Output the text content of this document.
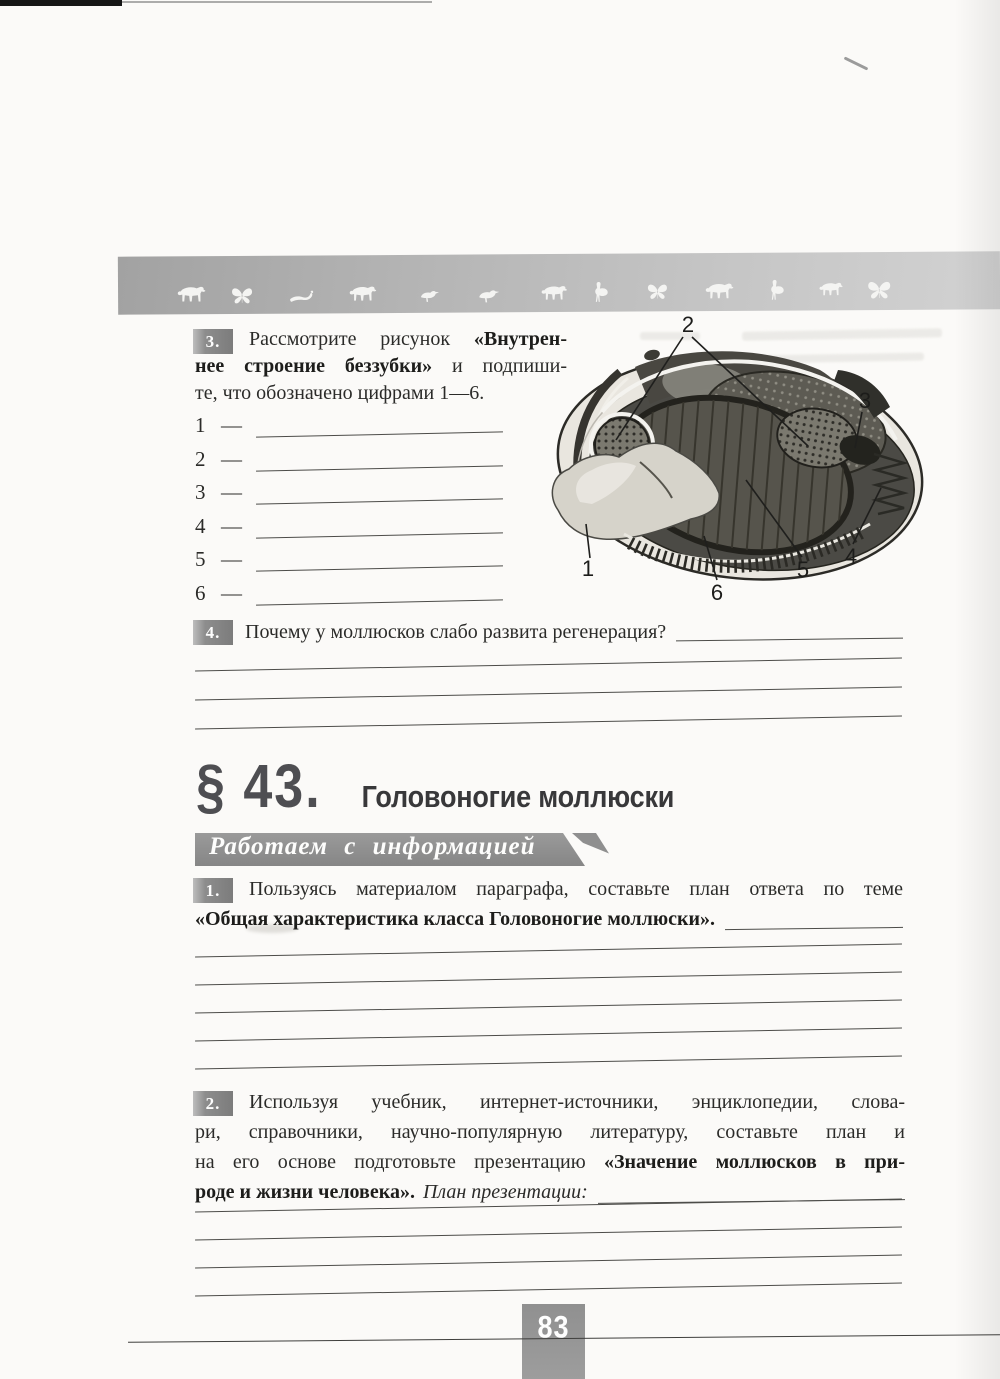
3.	Рассмотрите рисунок «Внутрен-
нее строение беззубки» и подпиши-
те, что обозначено цифрами 1—6.
1 —
2 —
3 —
4 —
5 —
6 —
2
3
4
5
6
1
4.	Почему у моллюсков слабо развита регенерация?
§ 43. Головоногие моллюски
Работаем с информацией
1.	Пользуясь материалом параграфа, составьте план ответа по теме
«Общая характеристика класса Головоногие моллюски».
2.	Используя учебник, интернет-источники, энциклопедии, слова-
ри, справочники, научно-популярную литературу, составьте план и
на его основе подготовьте презентацию «Значение моллюсков в при-
роде и жизни человека». План презентации:
83
